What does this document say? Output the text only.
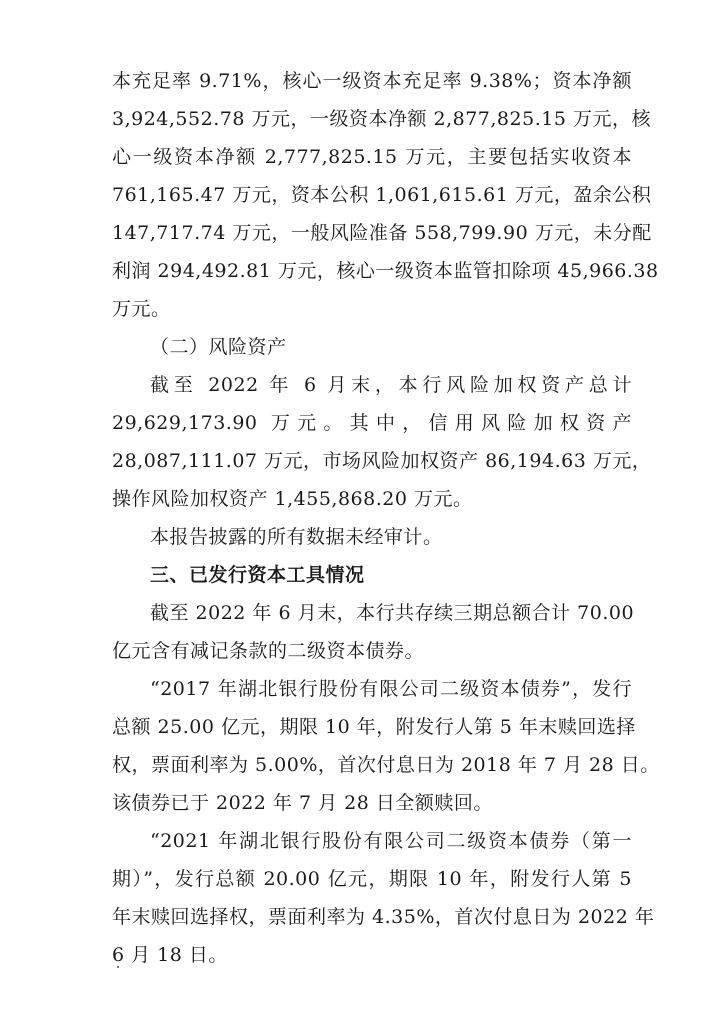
本充足率 9.71%，核心一级资本充足率 9.38%；资本净额
3,924,552.78 万元，一级资本净额 2,877,825.15 万元，核
心一级资本净额 2,777,825.15 万元，主要包括实收资本
761,165.47 万元，资本公积 1,061,615.61 万元，盈余公积
147,717.74 万元，一般风险准备 558,799.90 万元，未分配
利润 294,492.81 万元，核心一级资本监管扣除项 45,966.38
万元。
（二）风险资产
截至 2022 年 6 月末，本行风险加权资产总计
29,629,173.90 万元。其中，信用风险加权资产
28,087,111.07 万元，市场风险加权资产 86,194.63 万元，
操作风险加权资产 1,455,868.20 万元。
本报告披露的所有数据未经审计。
三、已发行资本工具情况
截至 2022 年 6 月末，本行共存续三期总额合计 70.00
亿元含有减记条款的二级资本债券。
“2017 年湖北银行股份有限公司二级资本债券”，发行
总额 25.00 亿元，期限 10 年，附发行人第 5 年末赎回选择
权，票面利率为 5.00%，首次付息日为 2018 年 7 月 28 日。
该债券已于 2022 年 7 月 28 日全额赎回。
“2021 年湖北银行股份有限公司二级资本债券（第一
期）”，发行总额 20.00 亿元，期限 10 年，附发行人第 5
年末赎回选择权，票面利率为 4.35%，首次付息日为 2022 年
6 月 18 日。
